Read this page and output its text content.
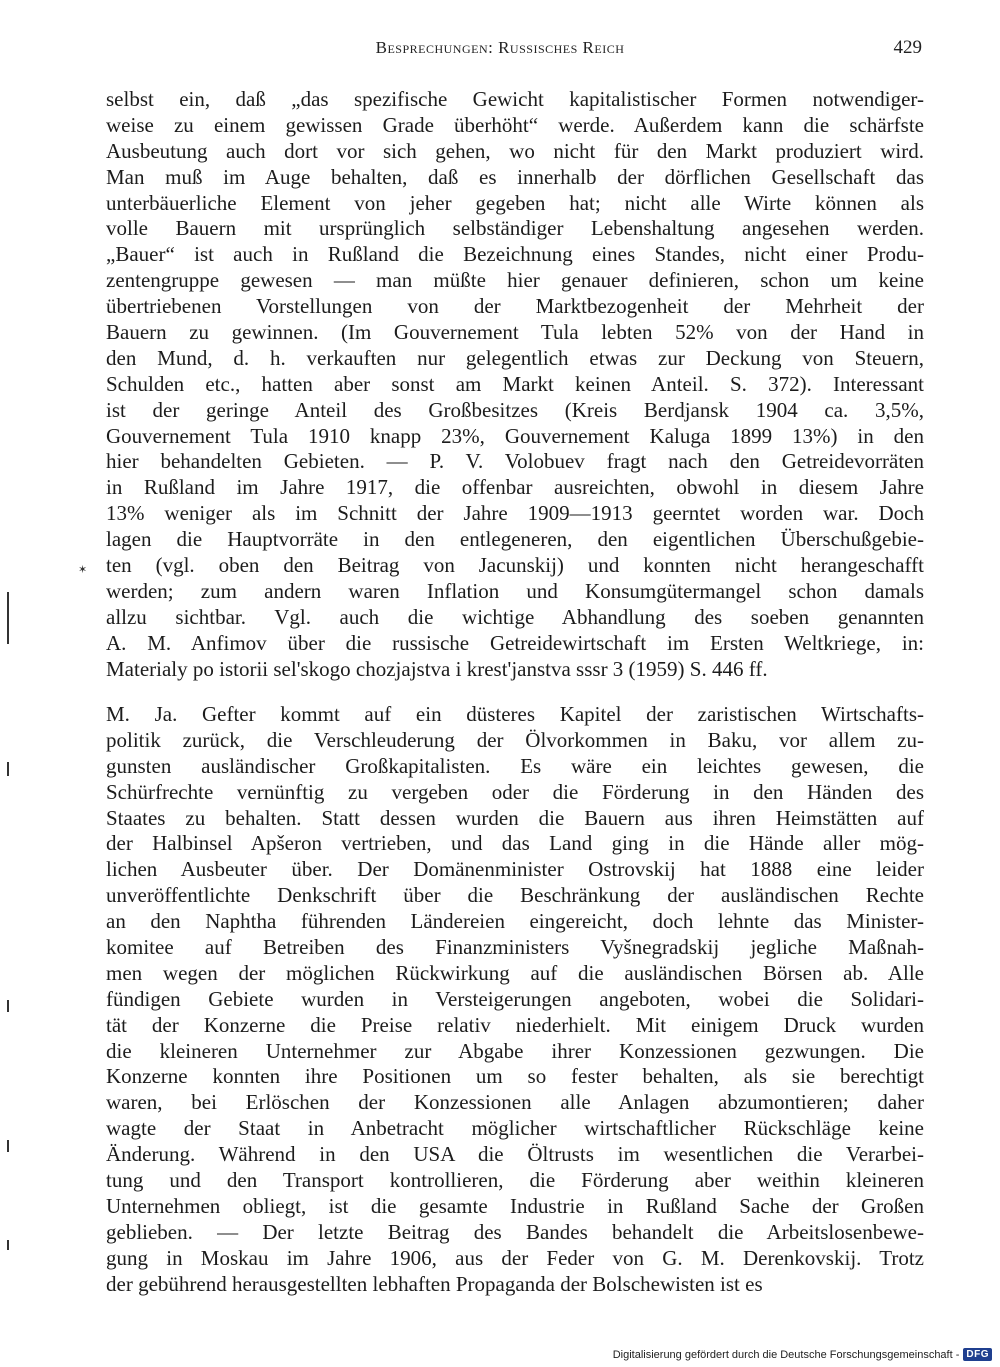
Besprechungen: Russisches Reich	429
✶
selbst ein, daß „das spezifische Gewicht kapitalistischer Formen notwendiger-
weise zu einem gewissen Grade überhöht“ werde. Außerdem kann die schärfste
Ausbeutung auch dort vor sich gehen, wo nicht für den Markt produziert wird.
Man muß im Auge behalten, daß es innerhalb der dörflichen Gesellschaft das
unterbäuerliche Element von jeher gegeben hat; nicht alle Wirte können als
volle Bauern mit ursprünglich selbständiger Lebenshaltung angesehen werden.
„Bauer“ ist auch in Rußland die Bezeichnung eines Standes, nicht einer Produ-
zentengruppe gewesen — man müßte hier genauer definieren, schon um keine
übertriebenen Vorstellungen von der Marktbezogenheit der Mehrheit der
Bauern zu gewinnen. (Im Gouvernement Tula lebten 52% von der Hand in
den Mund, d. h. verkauften nur gelegentlich etwas zur Deckung von Steuern,
Schulden etc., hatten aber sonst am Markt keinen Anteil. S. 372). Interessant
ist der geringe Anteil des Großbesitzes (Kreis Berdjansk 1904 ca. 3,5%,
Gouvernement Tula 1910 knapp 23%, Gouvernement Kaluga 1899 13%) in den
hier behandelten Gebieten. — P. V. Volobuev fragt nach den Getreidevorräten
in Rußland im Jahre 1917, die offenbar ausreichten, obwohl in diesem Jahre
13% weniger als im Schnitt der Jahre 1909—1913 geerntet worden war. Doch
lagen die Hauptvorräte in den entlegeneren, den eigentlichen Überschußgebie-
ten (vgl. oben den Beitrag von Jacunskij) und konnten nicht herangeschafft
werden; zum andern waren Inflation und Konsumgütermangel schon damals
allzu sichtbar. Vgl. auch die wichtige Abhandlung des soeben genannten
A. M. Anfimov über die russische Getreidewirtschaft im Ersten Weltkriege, in:
Materialy po istorii sel'skogo chozjajstva i krest'janstva sssr 3 (1959) S. 446 ff.
M. Ja. Gefter kommt auf ein düsteres Kapitel der zaristischen Wirtschafts-
politik zurück, die Verschleuderung der Ölvorkommen in Baku, vor allem zu-
gunsten ausländischer Großkapitalisten. Es wäre ein leichtes gewesen, die
Schürfrechte vernünftig zu vergeben oder die Förderung in den Händen des
Staates zu behalten. Statt dessen wurden die Bauern aus ihren Heimstätten auf
der Halbinsel Apšeron vertrieben, und das Land ging in die Hände aller mög-
lichen Ausbeuter über. Der Domänenminister Ostrovskij hat 1888 eine leider
unveröffentlichte Denkschrift über die Beschränkung der ausländischen Rechte
an den Naphtha führenden Ländereien eingereicht, doch lehnte das Minister-
komitee auf Betreiben des Finanzministers Vyšnegradskij jegliche Maßnah-
men wegen der möglichen Rückwirkung auf die ausländischen Börsen ab. Alle
fündigen Gebiete wurden in Versteigerungen angeboten, wobei die Solidari-
tät der Konzerne die Preise relativ niederhielt. Mit einigem Druck wurden
die kleineren Unternehmer zur Abgabe ihrer Konzessionen gezwungen. Die
Konzerne konnten ihre Positionen um so fester behalten, als sie berechtigt
waren, bei Erlöschen der Konzessionen alle Anlagen abzumontieren; daher
wagte der Staat in Anbetracht möglicher wirtschaftlicher Rückschläge keine
Änderung. Während in den USA die Öltrusts im wesentlichen die Verarbei-
tung und den Transport kontrollieren, die Förderung aber weithin kleineren
Unternehmen obliegt, ist die gesamte Industrie in Rußland Sache der Großen
geblieben. — Der letzte Beitrag des Bandes behandelt die Arbeitslosenbewe-
gung in Moskau im Jahre 1906, aus der Feder von G. M. Derenkovskij. Trotz
der gebührend herausgestellten lebhaften Propaganda der Bolschewisten ist es
Digitalisierung gefördert durch die Deutsche Forschungsgemeinschaft - DFG
